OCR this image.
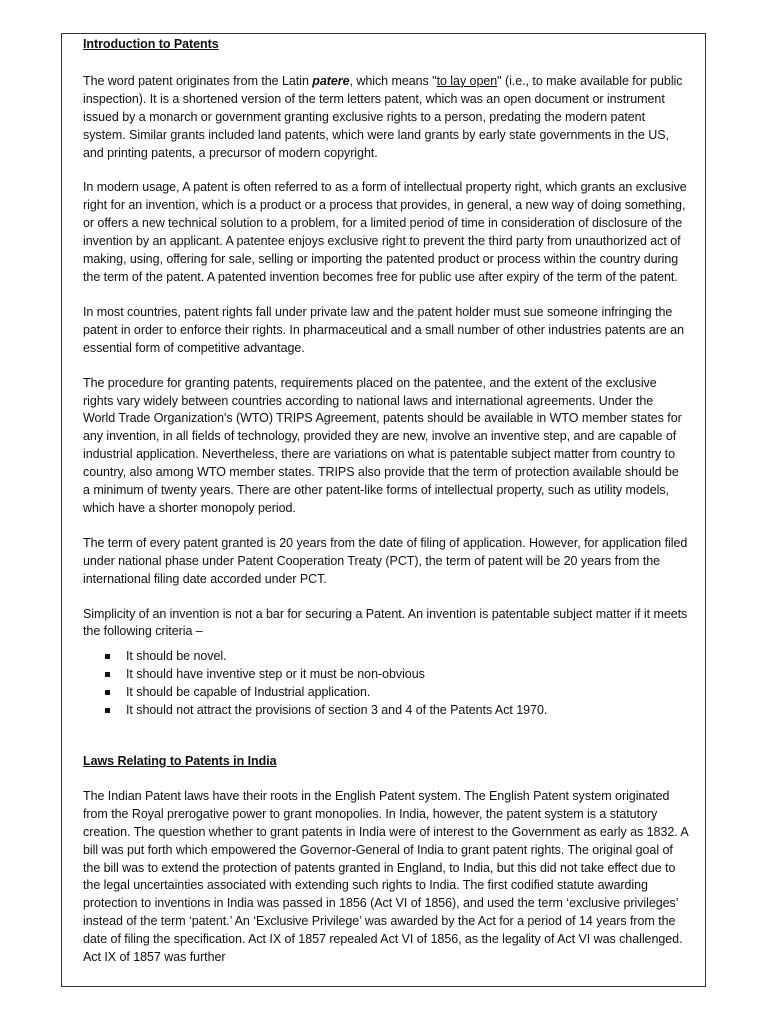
Introduction to Patents

The word patent originates from the Latin patere, which means "to lay open" (i.e., to make available for public inspection). It is a shortened version of the term letters patent, which was an open document or instrument issued by a monarch or government granting exclusive rights to a person, predating the modern patent system. Similar grants included land patents, which were land grants by early state governments in the US, and printing patents, a precursor of modern copyright.

In modern usage, A patent is often referred to as a form of intellectual property right, which grants an exclusive right for an invention, which is a product or a process that provides, in general, a new way of doing something, or offers a new technical solution to a problem, for a limited period of time in consideration of disclosure of the invention by an applicant. A patentee enjoys exclusive right to prevent the third party from unauthorized act of making, using, offering for sale, selling or importing the patented product or process within the country during the term of the patent. A patented invention becomes free for public use after expiry of the term of the patent.

In most countries, patent rights fall under private law and the patent holder must sue someone infringing the patent in order to enforce their rights. In pharmaceutical and a small number of other industries patents are an essential form of competitive advantage.

The procedure for granting patents, requirements placed on the patentee, and the extent of the exclusive rights vary widely between countries according to national laws and international agreements. Under the World Trade Organization's (WTO) TRIPS Agreement, patents should be available in WTO member states for any invention, in all fields of technology, provided they are new, involve an inventive step, and are capable of industrial application. Nevertheless, there are variations on what is patentable subject matter from country to country, also among WTO member states. TRIPS also provide that the term of protection available should be a minimum of twenty years. There are other patent-like forms of intellectual property, such as utility models, which have a shorter monopoly period.

The term of every patent granted is 20 years from the date of filing of application. However, for application filed under national phase under Patent Cooperation Treaty (PCT), the term of patent will be 20 years from the international filing date accorded under PCT.

Simplicity of an invention is not a bar for securing a Patent. An invention is patentable subject matter if it meets the following criteria –

It should be novel.
It should have inventive step or it must be non-obvious
It should be capable of Industrial application.
It should not attract the provisions of section 3 and 4 of the Patents Act 1970.
Laws Relating to Patents in India

The Indian Patent laws have their roots in the English Patent system. The English Patent system originated from the Royal prerogative power to grant monopolies. In India, however, the patent system is a statutory creation. The question whether to grant patents in India were of interest to the Government as early as 1832. A bill was put forth which empowered the Governor-General of India to grant patent rights. The original goal of the bill was to extend the protection of patents granted in England, to India, but this did not take effect due to the legal uncertainties associated with extending such rights to India. The first codified statute awarding protection to inventions in India was passed in 1856 (Act VI of 1856), and used the term ‘exclusive privileges’ instead of the term ‘patent.’ An ‘Exclusive Privilege’ was awarded by the Act for a period of 14 years from the date of filing the specification. Act IX of 1857 repealed Act VI of 1856, as the legality of Act VI was challenged. Act IX of 1857 was further
